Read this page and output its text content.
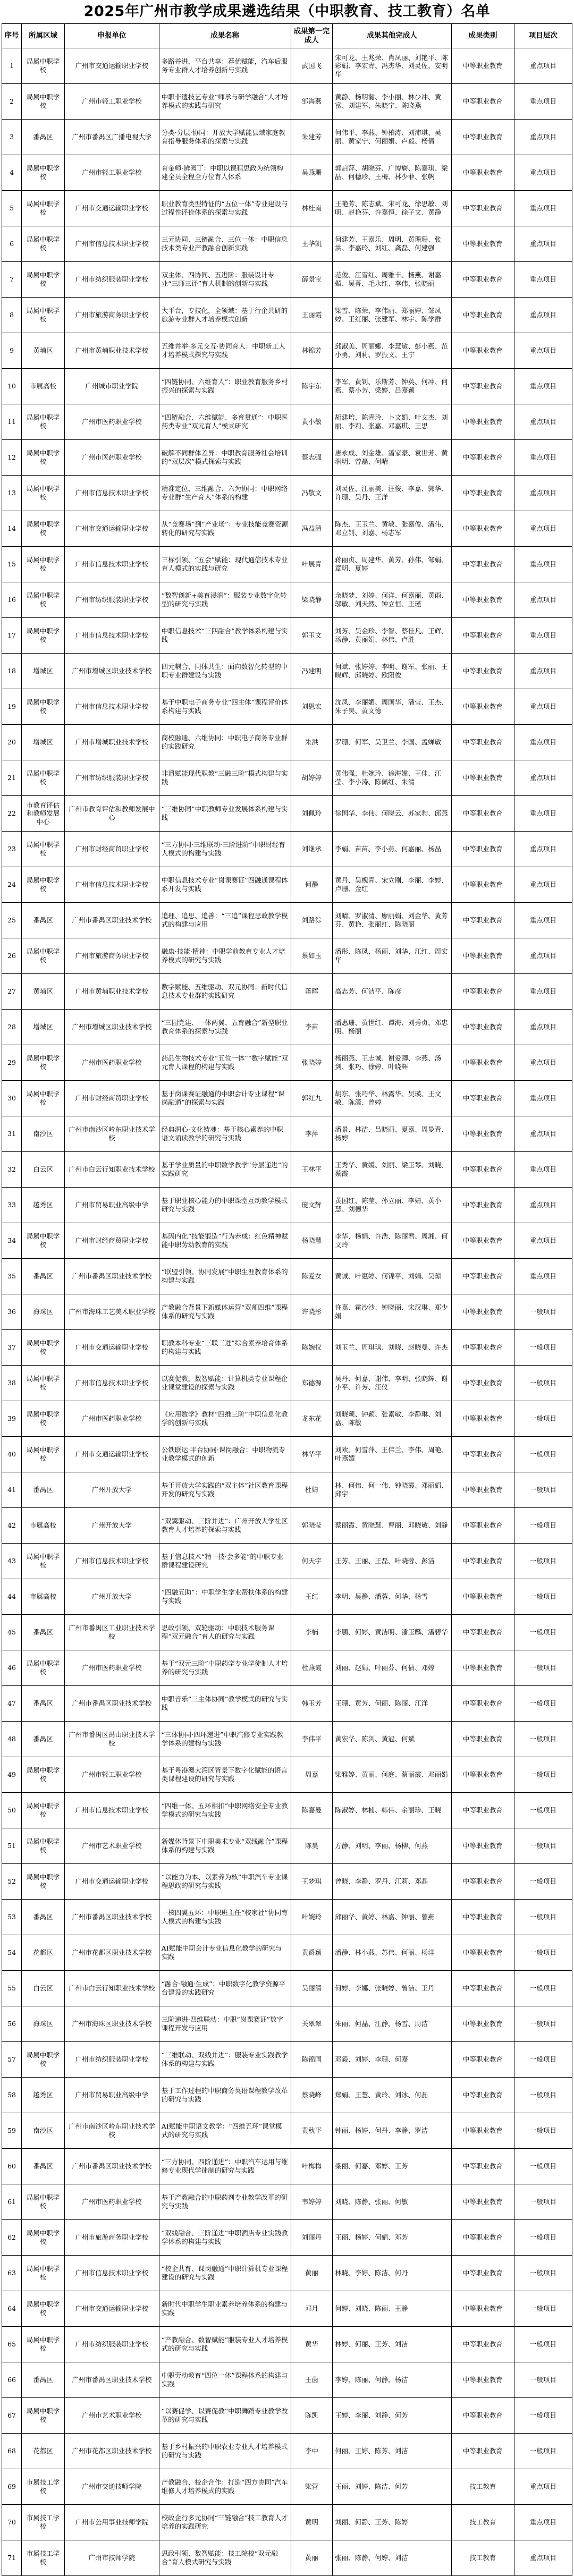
2025年广州市教学成果遴选结果（中职教育、技工教育）名单
序号	所属区域	申报单位	成果名称	成果第一完成人	成果其他完成人	成果类别	项目层次
1	局属中职学校	广州市交通运输职业学校	多路并进，平台共享：荐优赋能，汽车后服务专业群人才培养创新与实践	武国飞	宋可龙、王兆荣、肖凤丽、刘艳平、陈彩娟、李宏青、冯杰华、刘灵佐、安明华	中等职业教育	重点项目
2	局属中职学校	广州市轻工职业学校	中职非遗技艺专业“师承与研学融合”人才培养模式的实践与研究	邹海燕	黄静、杨明瀚、李小丽、林少冲、黄富、刘建军、朱晓宁、陈晓燕	中等职业教育	重点项目
3	番禺区	广州市番禺区广播电视大学	分类·分层·协同：开放大学赋能县域家庭教育指导服务体系的探索与实践	朱建芳	何伟平、李燕、钟柏涛、刘沛琪、吴丽、黄家宁、何丽娟、卢毅、杨倩	中等职业教育	重点项目
4	局属中职学校	广州市轻工职业学校	育金师·鲜园丁：中职以课程思政为统领构建全员全程全方位育人体系	吴燕珊	郭启萍、胡晓芬、广博旖、陈嘉琪、梁晶、何穗珍、王梅、林少菲、张帆	中等职业教育	重点项目
5	局属中职学校	广州市交通运输职业学校	职业教育类型特征的“五位一体”专业建设与过程性评价体系的探索与实践	林桂南	王艳芳、陈志斌、宋可龙、徐思敏、刘明、赵艳芬、许嘉恒、徐子文、黄静	中等职业教育	重点项目
6	局属中职学校	广州市信息技术职业学校	三元协同、三链融合、三位一体：中职信息技术类专业产教融合创新实践	王华凯	何建芳、王嘉乐、周明、黄珊珊、张洪、李嘉玲、刘红、龚磊、何建强	中等职业教育	重点项目
7	局属中职学校	广州市纺织服装职业学校	双主体、四协同、五进阶：服装设计专业“三师三评”育人机制的创新与实践	薛景宝	范俊、江雪红、周雅丰、杨燕、谢嘉媚、吴菁、毛永红、李伟、张晓丽	中等职业教育	重点项目
8	局属中职学校	广州市旅游商务职业学校	大平台，专技化，全领域：基于行企共研的旅游专业群人才培养模式创新	王丽霞	梁雪、陈荣、李伟丽、郑丽婷、邹凤婷、王红丽、张建军、林宇、陈学群	中等职业教育	重点项目
9	黄埔区	广州市黄埔职业技术学校	五维并举·多元交互·协同育人：中职新工人才培养模式探究与实践	林锦芳	邱淑美、周丽娜、李慧敏、彭小燕、范小勇、刘莉、罗振文、王宁	中等职业教育	重点项目
10	市属高校	广州城市职业学院	“四链协同、六维育人”：职业教育服务乡村振兴的探索与实践	陈宇东	李军、黄钊、乐斯芳、钟英、何冲、何燕、蔡小芳、梁婷、吕嘉颖	中等职业教育	重点项目
11	局属中职学校	广州市医药职业学校	“四链融合、六维赋能、多育贯通”：中职医药类专业“双元育人”模式研究	黄小敏	胡建培、陈青玲、卜文娟、叶文杰、刘丽、李莉、张嘉、邓嘉琪、王思	中等职业教育	重点项目
12	局属中职学校	广州市医药职业学校	破解不同群体差异：中职教育服务社会培训的“双层次”模式探索与实践	蔡志强	唐永成、刘金雄、潘家豪、袁世芳、黄润明、曾磊、何晴	中等职业教育	重点项目
13	局属中职学校	广州市信息技术职业学校	精准定位、三维融合、六为协同：中职网络专业群“生产育人”体系的构建	冯敬文	刘灵佐、江丽美、汪俊、李嘉、郭华、许珊、吴丹、王洋	中等职业教育	重点项目
14	局属中职学校	广州市交通运输职业学校	从“竞赛场”到“产业场”：专业技能竞赛资源转化的研究与实践	冯益清	陈杰、王玉兰、黄敏、张嘉俊、潘伟、邓立钊、刘嘉、杨志军	中等职业教育	重点项目
15	局属中职学校	广州市信息技术职业学校	三标引领、“五会”赋能：现代通信技术专业育人模式的实践与研究	叶展青	蒋丽贞、周建华、黄芳、孙伟、邹娟、章明、夏婷	中等职业教育	重点项目
16	局属中职学校	广州市纺织服装职业学校	“数智创新+美育浸润”：服装专业数字化转型的研究与实践	梁晓静	余晓梦、刘婷、何洋、何嘉丽、黄雨、邬敏、刘天然、钟立恒、王瑾	中等职业教育	重点项目
17	局属中职学校	广州市信息技术职业学校	中职信息技术“三四融合”教学体系构建与实践	郭玉文	刘芳、吴金珍、李智、蔡佳凡、王辉、汤静、黄丽娟、林伟、卢胜	中等职业教育	重点项目
18	增城区	广州市增城区职业技术学校	四元耦合、同体共生：面向数智化转型的中职专业群建设与实践	冯建明	何斌、张婷婷、李明、谢军、张丽、王晓辉、邱晓婷、欧阳俊	中等职业教育	重点项目
19	局属中职学校	广州市信息技术职业学校	基于中职电子商务专业“四主体”课程评价体系构建与实践	刘恩宏	沈凤、李丽媚、周国华、潘莹、王杰、朱子昊、黄文德	中等职业教育	重点项目
20	增城区	广州市增城职业技术学校	商校融通、六维协同：中职电子商务专业群的实践研究	朱洪	罗珊、何军、吴卫兰、李国、孟蝉敏	中等职业教育	重点项目
21	局属中职学校	广州市纺织服装职业学校	非遗赋能现代职教“三融三阶”模式构建与实践	胡婷婷	黄伟强、杜婉玲、徐海嫦、王佳、江莹、李小涛、陈佩红、朱清	中等职业教育	重点项目
22	市教育评估和教师发展中心	广州市教育评估和教师发展中心	“三维协同”中职教师专业发展体系构建与实践	刘佩玲	徐国华、李伟、何晓云、苏家驹、邱燕	中等职业教育	重点项目
23	局属中职学校	广州市财经商贸职业学校	“三方协同·三维联动·三阶进阶”中职财经育人模式的构建与实践	刘继承	李娟、苗苗、李小燕、何嘉丽、杨晶	中等职业教育	重点项目
24	局属中职学校	广州市信息技术职业学校	中职信息技术专业“岗课赛证”四融通课程体系开发与实践	何静	黄丹、吴槐青、宋立刚、李丽、李婷、卢珊、金红	中等职业教育	重点项目
25	番禺区	广州市番禺区职业技术学校	追理、追思、追善：“三追”课程思政教学模式的构建与应用	刘路淙	刘晴、罗淑清、廖丽娟、刘金华、黄芳芬、黄艳、张丽红、陈晓丽	中等职业教育	重点项目
26	局属中职学校	广州市旅游商务职业学校	融康·技能·精神：中职学前教育专业人才培养模式的研究与实践	蔡如玉	潘彤、陈凤、杨丽、刘华、江红、周宏华	中等职业教育	重点项目
27	黄埔区	广州市黄埔职业技术学校	数字赋能、五维驱动、双元协同：新时代信息技术专业群的实践研究	蒋晖	高志芳、何洁平、陈彦	中等职业教育	重点项目
28	增城区	广州市增城区职业技术学校	“三园党建、一体两翼、五育融合”新型职业教育体系的探索与实践	李苗	潘惠珊、黄世红、谭海、刘秀贞、邓忠明、杨丽	中等职业教育	重点项目
29	局属中职学校	广州市医药职业学校	药品生物技术专业“五位一体”“数字赋能”双元育人课程的构建与实践	张晓婷	杨丽燕、王志诚、谢爱卿、李燕、汤剑、张巧、徐婷、叶晓辉	中等职业教育	重点项目
30	局属中职学校	广州市财经商贸职业学校	基于岗课赛证融通的中职会计专业课程“课岗融通”的探索与实践	郭红九	胡东、张巧华、林露华、吴瑛、王文敏、陈潇、曾婷	中等职业教育	重点项目
31	南沙区	广州市南沙区岭东职业技术学校	经典润心·文化铸魂：基于核心素养的中职语文诵读教学的研究与实践	李萍	潘景、林洁、吕晓丽、夏嘉、周曼青、杨婷	中等职业教育	重点项目
32	白云区	广州市白云行知职业技术学校	基于学业质量的中职数学教学“分层递进”的实践研究	王林平	王秀华、黄媛、刘丽、梁玉琴、刘晓、蔡霞	中等职业教育	重点项目
33	越秀区	广州市贸易职业高级中学	基于职业核心能力的中职课堂互动教学模式研究与实践	庞文辉	黄国红、陈莹、孙立丽、李婧、黄小慧、刘德华	中等职业教育	重点项目
34	局属中职学校	广州市财经商贸职业学校	基因内化“技能锻造”行为养成：红色精神赋能中职劳动教育的实践	杨晓慧	李华、杨娟、许浩、陈丽君、周湘、何文玲	中等职业教育	重点项目
35	番禺区	广州市番禺区职业技术学校	“联盟引领、协同发展”中职生涯教育体系的构建与实践	陈爱女	黄诚、叶惠婷、何锦平、刘娟、吴琼	中等职业教育	重点项目
36	海珠区	广州市海珠工艺美术职业学校	产教融合背景下新媒体运营“双师四维”课程体系的研究与实践	许晓彤	许嘉、霍沙沙、钟晓丽、宋汉琳、郑少娟	中等职业教育	一般项目
37	局属中职学校	广州市交通运输职业学校	职教本科专业“三联三进”综合素养培育体系的构建与实践	陈婉仪	刘玉兰、周琪琪、刘晓、赵晓曼、许杰	中等职业教育	一般项目
38	局属中职学校	广州市信息技术职业学校	以赛促教，数智赋能：计算机类专业课程企业课堂建设的探索与实践	郑德源	吴丹、何嘉、谢伟、李明、张晓辉、谢小平、许芳、汪仪	中等职业教育	一般项目
39	局属中职学校	广州市医药职业学校	《应用数学》教材“四维三阶”中职信息化教学的创新与实践	龙东花	刘晓颖、钟颖、张素敏、李静琳、刘嘉、陈敏	中等职业教育	一般项目
40	局属中职学校	广州市交通运输职业学校	公铁联运·平台协同·课岗融合：中职物流专业教学模式的创新	林华平	刘欢、何雪萍、王伟兰、李伟、周艳、叶燕媚	中等职业教育	一般项目
41	番禺区	广州开放大学	基于开放大学实践的“双主体”社区教育课程开发的研究与实践	杜婧	林、何伟、何一伟、钟晓霞、邓丽娟、邱宇	中等职业教育	一般项目
42	市属高校	广州开放大学	“双翼驱动、三阶并进”：广州开放大学社区教育人才培养的探索与实践	郭晓莹	蔡丽霞、黄晓慧、曹丽、邓晓敏、刘静	中等职业教育	一般项目
43	局属中职学校	广州市信息技术职业学校	基于信息技术“精一技·会多能”的中职专业群课程建设研究	何天宇	王芳、王丽、王磊、叶晓蓉、彭洁	中等职业教育	一般项目
44	市属高校	广州开放大学	“四融五助”：中职学生学业帮扶体系的构建与实践	王红	李明、吴静、潘蓉、何华、杨雪	中等职业教育	一般项目
45	番禺区	广州市番禺区工业职业技术学校	思政引领、双轮驱动：中职技术服务课程“双元融合”育人的研究与实践	李楠	李鹏、何婷、黄洁明、潘玉麟、潘碧华	中等职业教育	一般项目
46	局属中职学校	广州市医药职业学校	基于“双元三阶”中职药学专业学徒制人才培养的研究与实践	杜燕霞	刘丽、赵娟、叶丽芬、何倩、邓婷	中等职业教育	一般项目
47	番禺区	广州市番禺区职业技术学校	中职音乐“三主体协同”教学模式的研究与实践	韩玉芳	王珊、黄芳、何丽、陈丽、江洋	中等职业教育	一般项目
48	番禺区	广州市番禺区禺山职业技术学校	“三体协同·四环递进”中职汽修专业实践教学体系的建构与实践	李伟平	黄宏华、陈剑、黄冠、何斌	中等职业教育	一般项目
49	局属中职学校	广州市轻工职业学校	基于粤港澳大湾区背景下数字化赋能的语言类课程建设的研究与实践	周嘉	梁雅婷、黄丽、何庭、蔡丽霞、邓丽娟	中等职业教育	一般项目
50	局属中职学校	广州市信息技术职业学校	“四维一体、五环相扣”中职网络安全专业教学模式的研究与实践	陈嘉曼	陈淑婷、林楠、韩伟、余丽珍、王晓	中等职业教育	一般项目
51	局属中职学校	广州市艺术职业学校	新媒体背景下中职美术专业“双线融合”课程体系的构建与实践	陈昊	方静、刘明、李丽、杨柳、何燕	中等职业教育	一般项目
52	局属中职学校	广州市交通运输职业学校	“以能力为本、以素养为核”中职汽车专业课程思政的研究与实践	王梦琪	曾晓、李静、罗丹、江莉、邓晶	中等职业教育	一般项目
53	番禺区	广州市番禺区职业技术学校	一核四翼五环：中职班主任“校家社”协同育人模式的构建与实践	叶婉玲	邱丽华、黄婷、林嘉、钟丽、曾燕	中等职业教育	一般项目
54	花都区	广州市花都区职业技术学校	AI赋能中职会计专业信息化教学的研究与实践	黄爵颖	潘静、林小燕、苏伟、何丽、杨洋	中等职业教育	一般项目
55	白云区	广州市白云行知职业技术学校	“融合·融通·生成”：中职数字化教学资源平台建设的实践研究	吴丽清	何婷、李娜、张晓婷、曾洁、王丹	中等职业教育	一般项目
56	海珠区	广州市海珠区职业技术学校	三阶递进·四维联动：中职“岗课赛证”数字课程开发与应用	关翠翠	朱丽、何晶、江静、杨雪、周洁	中等职业教育	一般项目
57	局属中职学校	广州市纺织服装职业学校	“三维联动、双线并进”：服装专业实践教学体系的构建与实践	陈锦国	邓毅、刘婷、李珊、何嘉	中等职业教育	一般项目
58	越秀区	广州市贸易职业高级中学	基于工作过程的中职商务英语课程教学改革的研究与实践	蔡晓峰	郑娟、王慧、黄玲、刘冰、何晶	中等职业教育	一般项目
59	南沙区	广州市南沙区岭东职业技术学校	AI赋能中职语文教学：“四维五环”课堂模式的研究与实践	黄秋平	钟丽、杨婷、何丹、李静、罗洁	中等职业教育	一般项目
60	番禺区	广州市番禺区职业技术学校	“三方协同、四阶递进”：中职汽车运用与维修专业现代学徒制的研究与实践	叶梅梅	梁丽、何嘉、邓婷、王芳	中等职业教育	一般项目
61	局属中职学校	广州市医药职业学校	基于产教融合的中职药剂专业教学改革的研究与实践	韦婷婷	刘晓、陈静、张丽、何敏	中等职业教育	一般项目
62	局属中职学校	广州市旅游商务职业学校	“双线融合、三阶递进”中职酒店专业实践教学体系的构建与实践	刘丽丹	王丽、杨婷、何娟、邓芳	中等职业教育	一般项目
63	局属中职学校	广州市信息技术职业学校	“校企共育、课岗融通”中职计算机专业课程建设的研究与实践	黄丽	林晓、李婷、陈洁、何丹	中等职业教育	一般项目
64	局属中职学校	广州市交通运输职业学校	新时代中职学生职业素养培养体系的构建与实践	邓月	何婷、刘晓、陈丽、王静	中等职业教育	一般项目
65	局属中职学校	广州市纺织服装职业学校	“产教融合、数智赋能”服装专业人才培养模式的研究与实践	黄华	林婷、何丽、王芳、刘洁	中等职业教育	一般项目
66	番禺区	广州市番禺区职业技术学校	中职劳动教育“四位一体”课程体系的构建与实践	王茵	李婷、陈丽、何静、杨洁	中等职业教育	一般项目
67	局属中职学校	广州市艺术职业学校	“以赛促学、以赛促教”中职舞蹈专业教学改革的研究与实践	陈凯	王婷、李丽、刘静、何芳	中等职业教育	一般项目
68	花都区	广州市花都区职业技术学校	基于乡村振兴的中职农业专业人才培养模式的研究与实践	李中	何丽、王婷、陈芳、刘洁	中等职业教育	一般项目
69	市属技工学校	广州市交通技师学院	产教融合、校企合作：打造“四方协同”汽车维修人才培养模式的实践	梁营	王丽、刘婷、陈洁、何芳	技工教育	重点项目
70	市属技工学校	广州市公用事业技师学院	校政企行多元协同“三链融合”技工教育人才培养的实践研究	黄明	刘丽、何静、王芳、陈婷	技工教育	重点项目
71	市属技工学校	广州市技师学院	思政引领、数智赋能：技工院校“双元融合”育人模式研究与实践	黄丽	张丽、陈静、何婷、刘洁	技工教育	重点项目
